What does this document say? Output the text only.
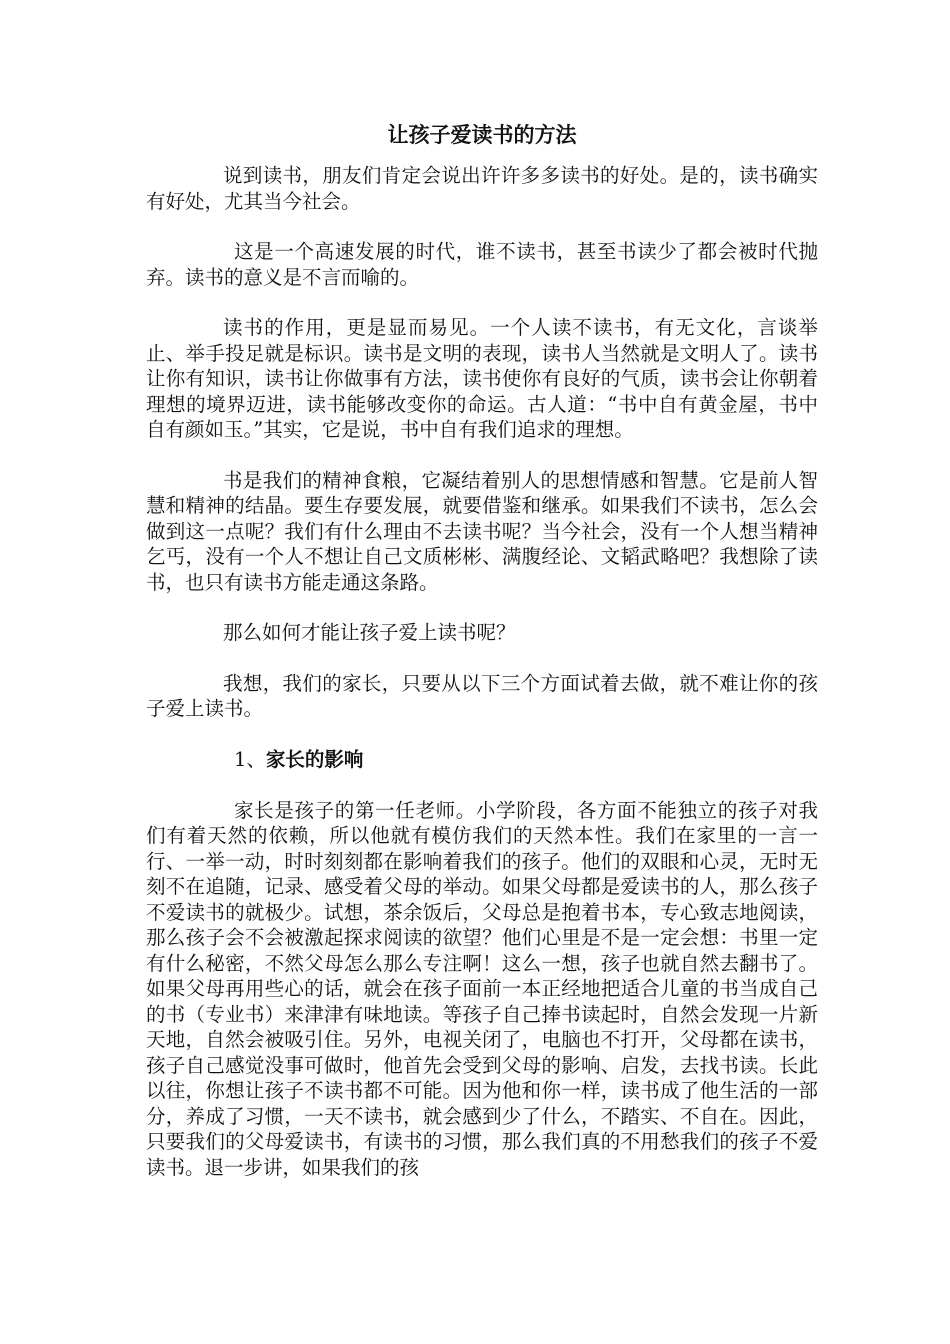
让孩子爱读书的方法

说到读书，朋友们肯定会说出许许多多读书的好处。是的，读书确实有好处，尤其当今社会。

这是一个高速发展的时代，谁不读书，甚至书读少了都会被时代抛弃。读书的意义是不言而喻的。

读书的作用，更是显而易见。一个人读不读书，有无文化，言谈举止、举手投足就是标识。读书是文明的表现，读书人当然就是文明人了。读书让你有知识，读书让你做事有方法，读书使你有良好的气质，读书会让你朝着理想的境界迈进，读书能够改变你的命运。古人道：“书中自有黄金屋，书中自有颜如玉。”其实，它是说，书中自有我们追求的理想。

书是我们的精神食粮，它凝结着别人的思想情感和智慧。它是前人智慧和精神的结晶。要生存要发展，就要借鉴和继承。如果我们不读书，怎么会做到这一点呢？我们有什么理由不去读书呢？当今社会，没有一个人想当精神乞丐，没有一个人不想让自己文质彬彬、满腹经论、文韬武略吧？我想除了读书，也只有读书方能走通这条路。

那么如何才能让孩子爱上读书呢？

我想，我们的家长，只要从以下三个方面试着去做，就不难让你的孩子爱上读书。

1、家长的影响

家长是孩子的第一任老师。小学阶段，各方面不能独立的孩子对我们有着天然的依赖，所以他就有模仿我们的天然本性。我们在家里的一言一行、一举一动，时时刻刻都在影响着我们的孩子。他们的双眼和心灵，无时无刻不在追随，记录、感受着父母的举动。如果父母都是爱读书的人，那么孩子不爱读书的就极少。试想，茶余饭后，父母总是抱着书本，专心致志地阅读，那么孩子会不会被激起探求阅读的欲望？他们心里是不是一定会想：书里一定有什么秘密，不然父母怎么那么专注啊！这么一想，孩子也就自然去翻书了。如果父母再用些心的话，就会在孩子面前一本正经地把适合儿童的书当成自己的书（专业书）来津津有味地读。等孩子自己捧书读起时，自然会发现一片新天地，自然会被吸引住。另外，电视关闭了，电脑也不打开，父母都在读书，孩子自己感觉没事可做时，他首先会受到父母的影响、启发，去找书读。长此以往，你想让孩子不读书都不可能。因为他和你一样，读书成了他生活的一部分，养成了习惯，一天不读书，就会感到少了什么，不踏实、不自在。因此，只要我们的父母爱读书，有读书的习惯，那么我们真的不用愁我们的孩子不爱读书。退一步讲，如果我们的孩
